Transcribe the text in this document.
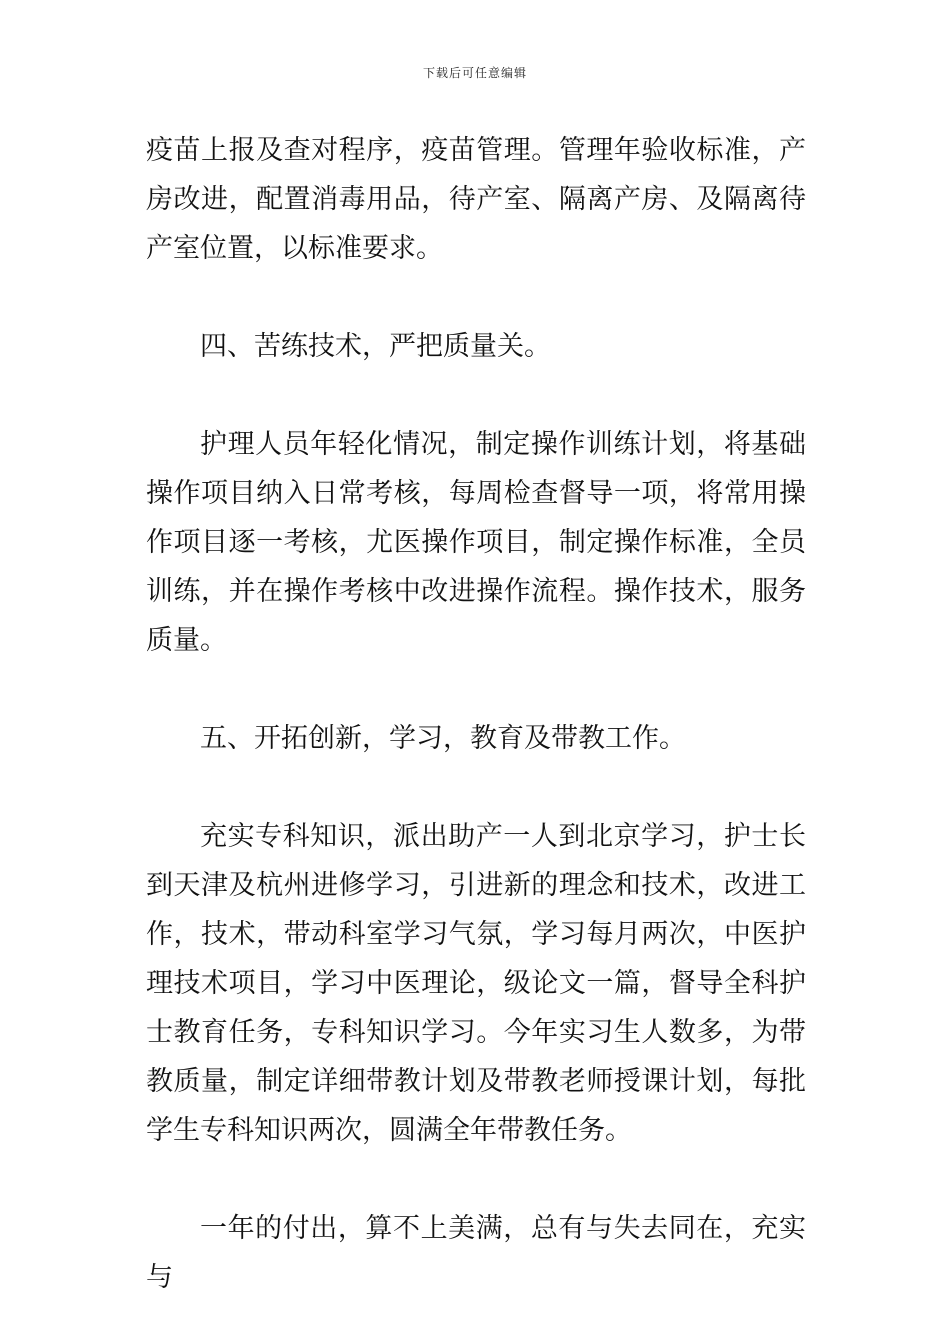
下载后可任意编辑

疫苗上报及查对程序，疫苗管理。管理年验收标准，产房改进，配置消毒用品，待产室、隔离产房、及隔离待产室位置，以标准要求。

四、苦练技术，严把质量关。

护理人员年轻化情况，制定操作训练计划，将基础操作项目纳入日常考核，每周检查督导一项，将常用操作项目逐一考核，尤医操作项目，制定操作标准，全员训练，并在操作考核中改进操作流程。操作技术，服务质量。

五、开拓创新，学习，教育及带教工作。

充实专科知识，派出助产一人到北京学习，护士长到天津及杭州进修学习，引进新的理念和技术，改进工作，技术，带动科室学习气氛，学习每月两次，中医护理技术项目，学习中医理论，级论文一篇，督导全科护士教育任务，专科知识学习。今年实习生人数多，为带教质量，制定详细带教计划及带教老师授课计划，每批学生专科知识两次，圆满全年带教任务。

一年的付出，算不上美满，总有与失去同在，充实与
